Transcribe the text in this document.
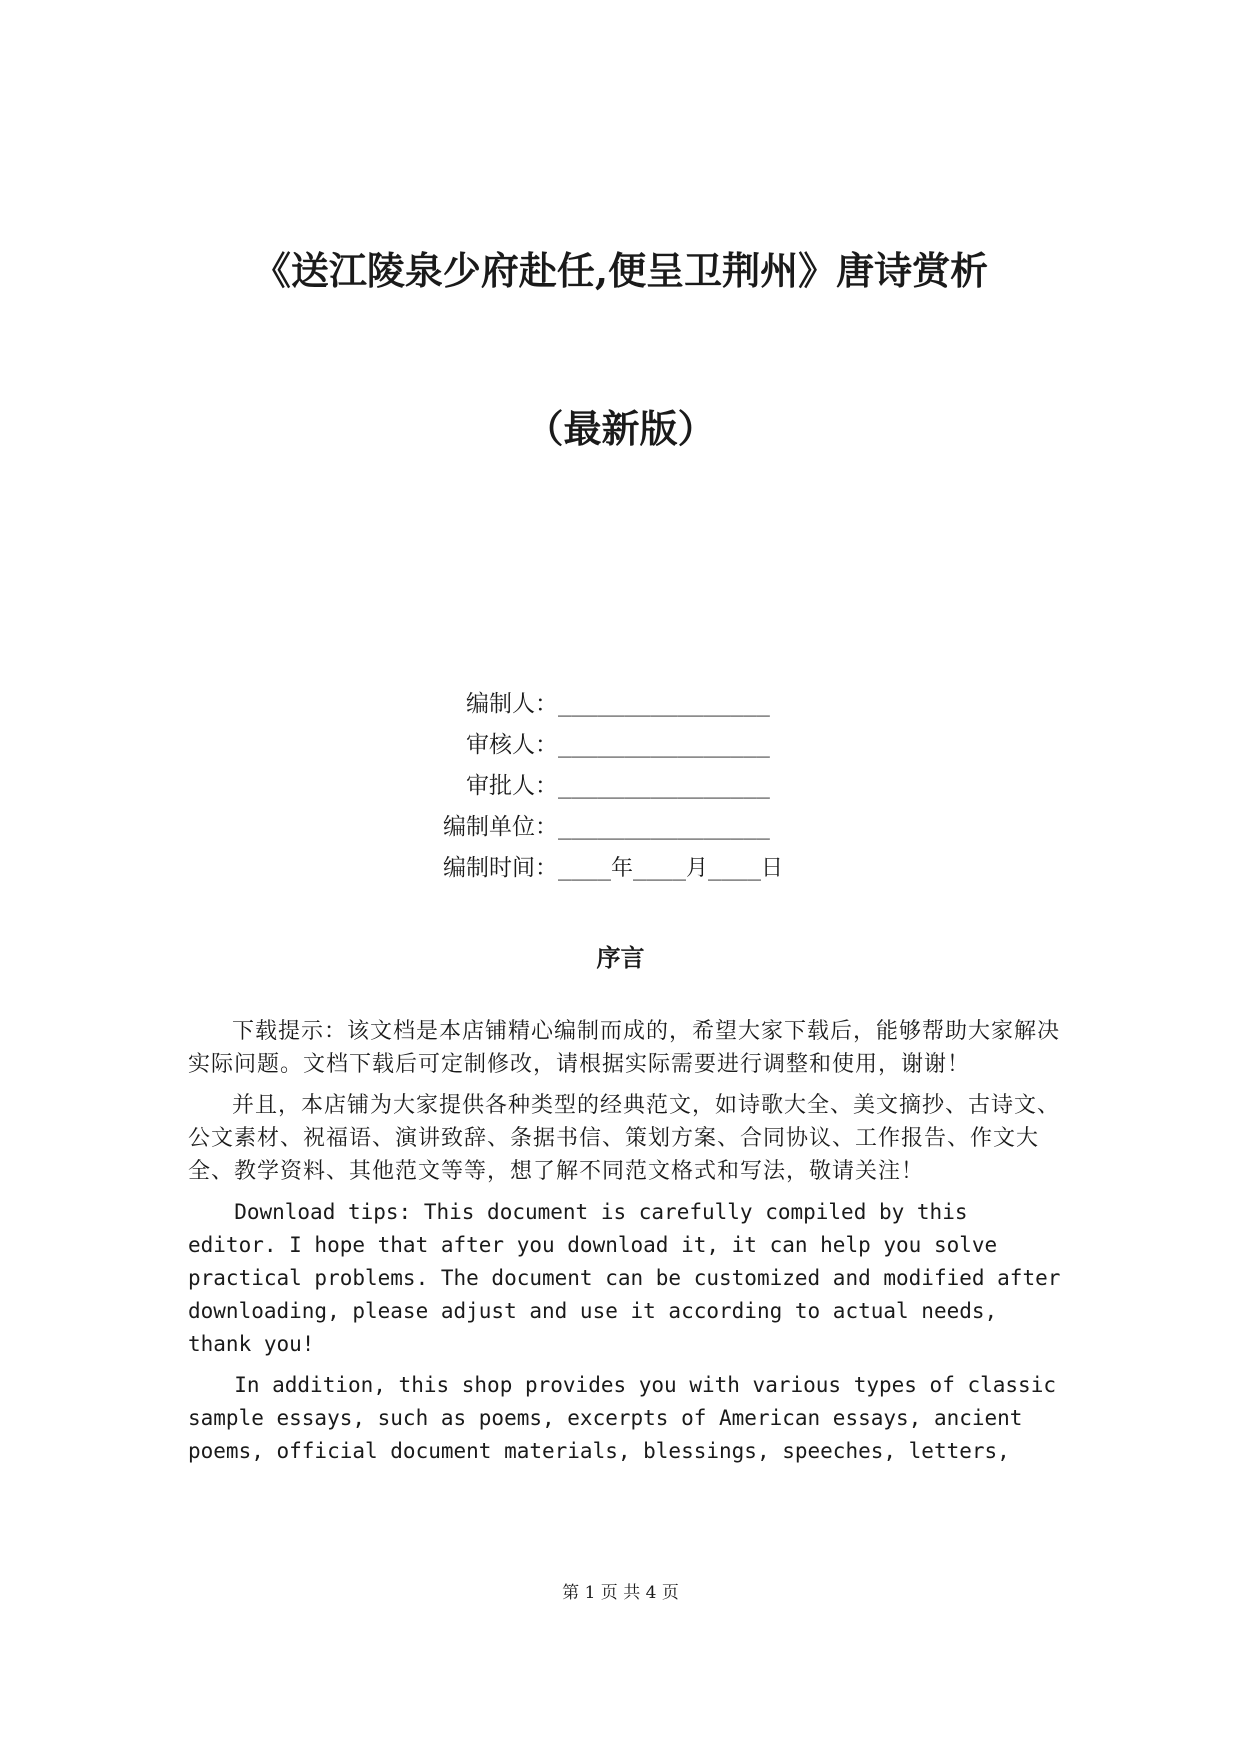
《送江陵泉少府赴任,便呈卫荆州》唐诗赏析
（最新版）
编制人： ________________
审核人： ________________
审批人： ________________
编制单位： ________________
编制时间： ____年____月____日
序言

下载提示：该文档是本店铺精心编制而成的，希望大家下载后，能够帮助大家解决实际问题。文档下载后可定制修改，请根据实际需要进行调整和使用，谢谢！

并且，本店铺为大家提供各种类型的经典范文，如诗歌大全、美文摘抄、古诗文、公文素材、祝福语、演讲致辞、条据书信、策划方案、合同协议、工作报告、作文大全、教学资料、其他范文等等，想了解不同范文格式和写法，敬请关注！

Download tips: This document is carefully compiled by this editor. I hope that after you download it, it can help you solve practical problems. The document can be customized and modified after downloading, please adjust and use it according to actual needs, thank you!

In addition, this shop provides you with various types of classic sample essays, such as poems, excerpts of American essays, ancient poems, official document materials, blessings, speeches, letters,

第 1 页 共 4 页
